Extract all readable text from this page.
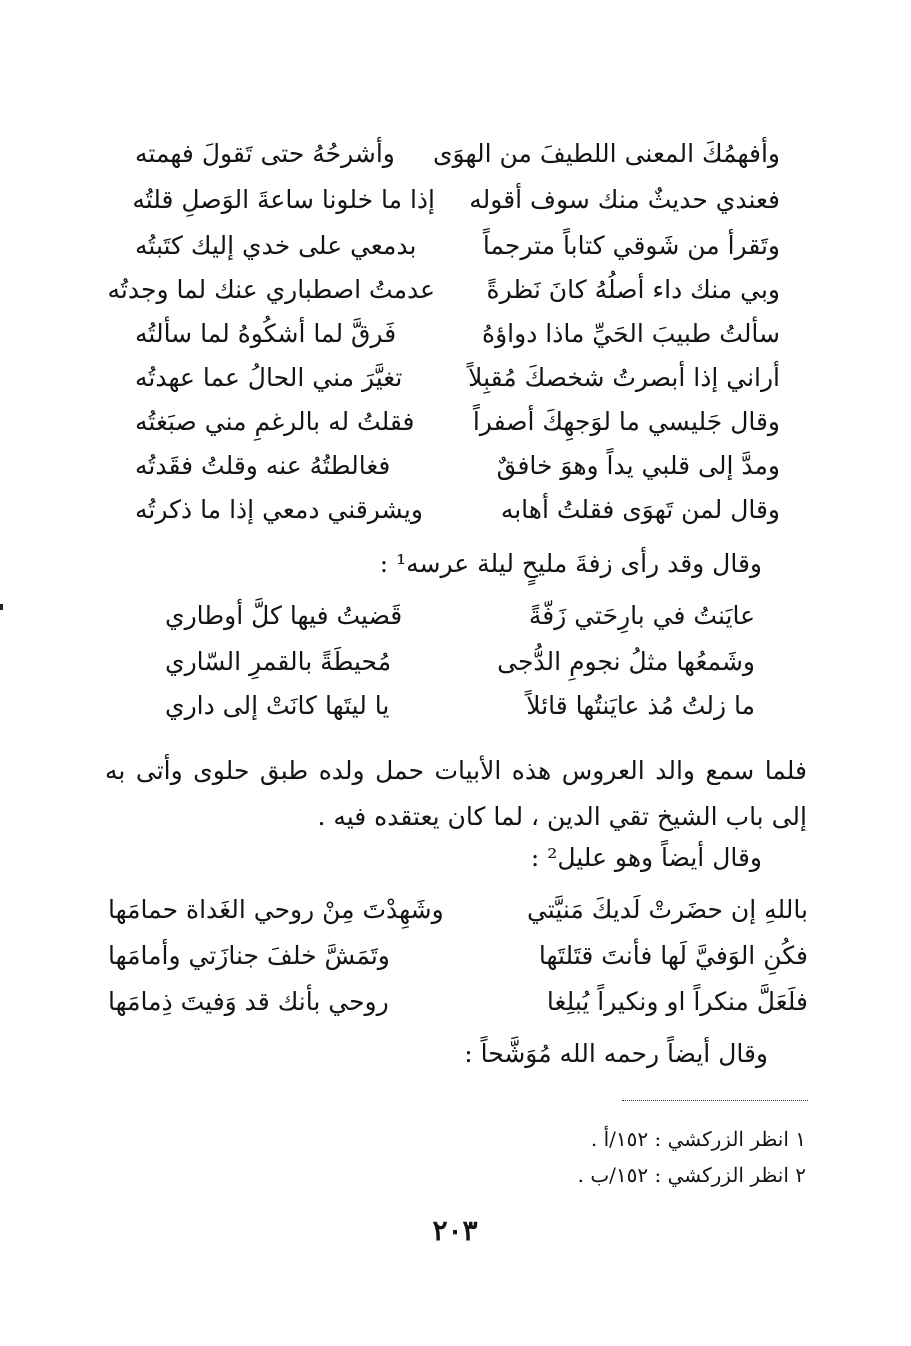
وأفهمُكَ المعنى اللطيفَ من الهوَى
وأشرحُهُ حتى تَقولَ فهمته
فعندي حديثٌ منك سوف أقوله
إذا ما خلونا ساعةَ الوَصلِ قلتُه
وتَقرأ من شَوقي كتاباً مترجماً
بدمعي على خدي إليك كتَبتُه
وبي منك داء أصلُهُ كانَ نَظرةً
عدمتُ اصطباري عنك لما وجدتُه
سألتُ طبيبَ الحَيِّ ماذا دواؤهُ
فَرقَّ لما أشكُوهُ لما سألتُه
أراني إذا أبصرتُ شخصكَ مُقبِلاً
تغيَّرَ مني الحالُ عما عهدتُه
وقال جَليسي ما لوَجهِكَ أصفراً
فقلتُ له بالرغمِ مني صبَغتُه
ومدَّ إلى قلبي يداً وهوَ خافقٌ
فغالطتُهُ عنه وقلتُ فقَدتُه
وقال لمن تَهوَى فقلتُ أهابه
ويشرقني دمعي إذا ما ذكرتُه
وقال وقد رأى زفةَ مليحٍ ليلة عرسه¹ :
عايَنتُ في بارِحَتي زَفّةً
قَضيتُ فيها كلَّ أوطاري
وشَمعُها مثلُ نجومِ الدُّجى
مُحيطَةً بالقمرِ السّاري
ما زلتُ مُذ عايَنتُها قائلاً
يا ليتَها كانَتْ إلى داري
فلما سمع والد العروس هذه الأبيات حمل ولده طبق حلوى وأتى به إلى باب الشيخ تقي الدين ، لما كان يعتقده فيه .
وقال أيضاً وهو عليل² :
باللهِ إن حضَرتْ لَديكَ مَنيَّتي
وشَهِدْتَ مِنْ روحي الغَداة حمامَها
فكُنِ الوَفيَّ لَها فأنتَ قتَلتَها
وتَمَشَّ خلفَ جنازَتي وأمامَها
فلَعَلَّ منكراً او ونكيراً يُبلِغا
روحي بأنك قد وَفيتَ ذِمامَها
وقال أيضاً رحمه الله مُوَشَّحاً :
١ انظر الزركشي : ١٥٢/أ .
٢ انظر الزركشي : ١٥٢/ب .
٢٠٣
